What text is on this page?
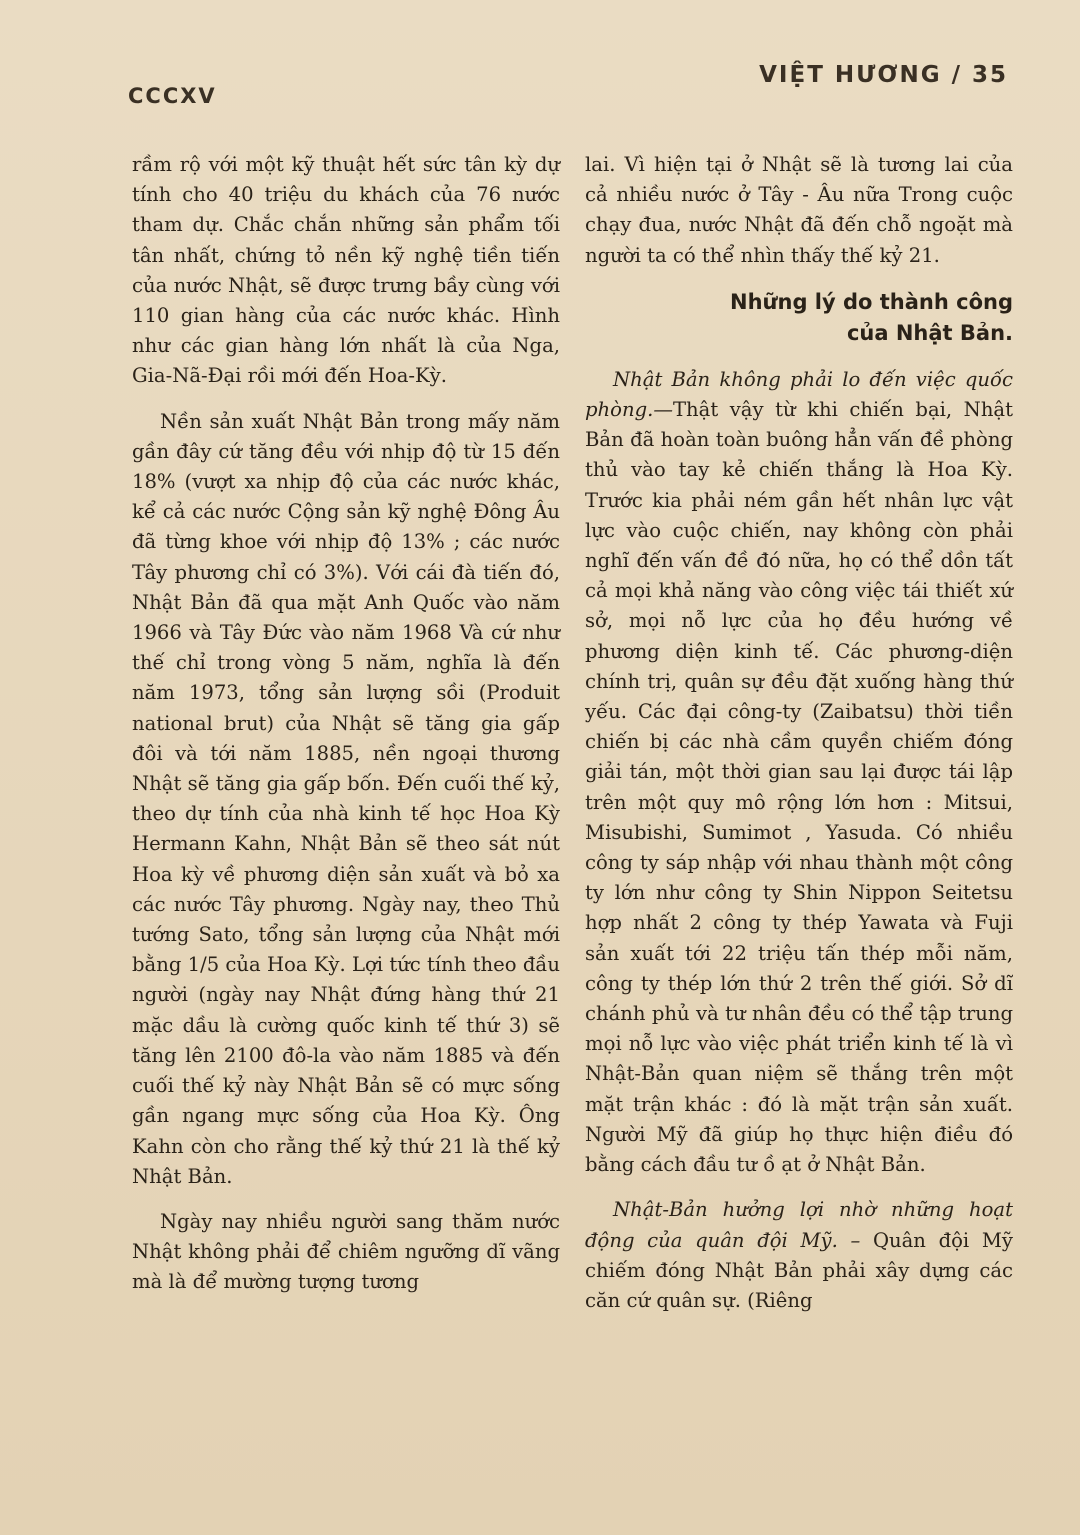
CCCXV
VIỆT HƯƠNG / 35

rầm rộ với một kỹ thuật hết sức tân kỳ dự tính cho 40 triệu du khách của 76 nước tham dự. Chắc chắn những sản phẩm tối tân nhất, chứng tỏ nền kỹ nghệ tiền tiến của nước Nhật, sẽ được trưng bầy cùng với 110 gian hàng của các nước khác. Hình như các gian hàng lớn nhất là của Nga, Gia-Nã-Đại rồi mới đến Hoa-Kỳ.

Nền sản xuất Nhật Bản trong mấy năm gần đây cứ tăng đều với nhịp độ từ 15 đến 18% (vượt xa nhịp độ của các nước khác, kể cả các nước Cộng sản kỹ nghệ Đông Âu đã từng khoe với nhịp độ 13% ; các nước Tây phương chỉ có 3%). Với cái đà tiến đó, Nhật Bản đã qua mặt Anh Quốc vào năm 1966 và Tây Đức vào năm 1968 Và cứ như thế chỉ trong vòng 5 năm, nghĩa là đến năm 1973, tổng sản lượng sồi (Produit national brut) của Nhật sẽ tăng gia gấp đôi và tới năm 1885, nền ngoại thương Nhật sẽ tăng gia gấp bốn. Đến cuối thế kỷ, theo dự tính của nhà kinh tế học Hoa Kỳ Hermann Kahn, Nhật Bản sẽ theo sát nút Hoa kỳ về phương diện sản xuất và bỏ xa các nước Tây phương. Ngày nay, theo Thủ tướng Sato, tổng sản lượng của Nhật mới bằng 1/5 của Hoa Kỳ. Lợi tức tính theo đầu người (ngày nay Nhật đứng hàng thứ 21 mặc dầu là cường quốc kinh tế thứ 3) sẽ tăng lên 2100 đô-la vào năm 1885 và đến cuối thế kỷ này Nhật Bản sẽ có mực sống gần ngang mực sống của Hoa Kỳ. Ông Kahn còn cho rằng thế kỷ thứ 21 là thế kỷ Nhật Bản.

Ngày nay nhiều người sang thăm nước Nhật không phải để chiêm ngưỡng dĩ vãng mà là để mường tượng tương

lai. Vì hiện tại ở Nhật sẽ là tương lai của cả nhiều nước ở Tây - Âu nữa Trong cuộc chạy đua, nước Nhật đã đến chỗ ngoặt mà người ta có thể nhìn thấy thế kỷ 21.

Những lý do thành công
của Nhật Bản.

Nhật Bản không phải lo đến việc quốc phòng.—Thật vậy từ khi chiến bại, Nhật Bản đã hoàn toàn buông hẳn vấn đề phòng thủ vào tay kẻ chiến thắng là Hoa Kỳ. Trước kia phải ném gần hết nhân lực vật lực vào cuộc chiến, nay không còn phải nghĩ đến vấn đề đó nữa, họ có thể dồn tất cả mọi khả năng vào công việc tái thiết xứ sở, mọi nỗ lực của họ đều hướng về phương diện kinh tế. Các phương-diện chính trị, quân sự đều đặt xuống hàng thứ yếu. Các đại công-ty (Zaibatsu) thời tiền chiến bị các nhà cầm quyền chiếm đóng giải tán, một thời gian sau lại được tái lập trên một quy mô rộng lớn hơn : Mitsui, Misubishi, Sumimot , Yasuda. Có nhiều công ty sáp nhập với nhau thành một công ty lớn như công ty Shin Nippon Seitetsu hợp nhất 2 công ty thép Yawata và Fuji sản xuất tới 22 triệu tấn thép mỗi năm, công ty thép lớn thứ 2 trên thế giới. Sở dĩ chánh phủ và tư nhân đều có thể tập trung mọi nỗ lực vào việc phát triển kinh tế là vì Nhật-Bản quan niệm sẽ thắng trên một mặt trận khác : đó là mặt trận sản xuất. Người Mỹ đã giúp họ thực hiện điều đó bằng cách đầu tư ồ ạt ở Nhật Bản.

Nhật-Bản hưởng lợi nhờ những hoạt động của quân đội Mỹ. – Quân đội Mỹ chiếm đóng Nhật Bản phải xây dựng các căn cứ quân sự. (Riêng
